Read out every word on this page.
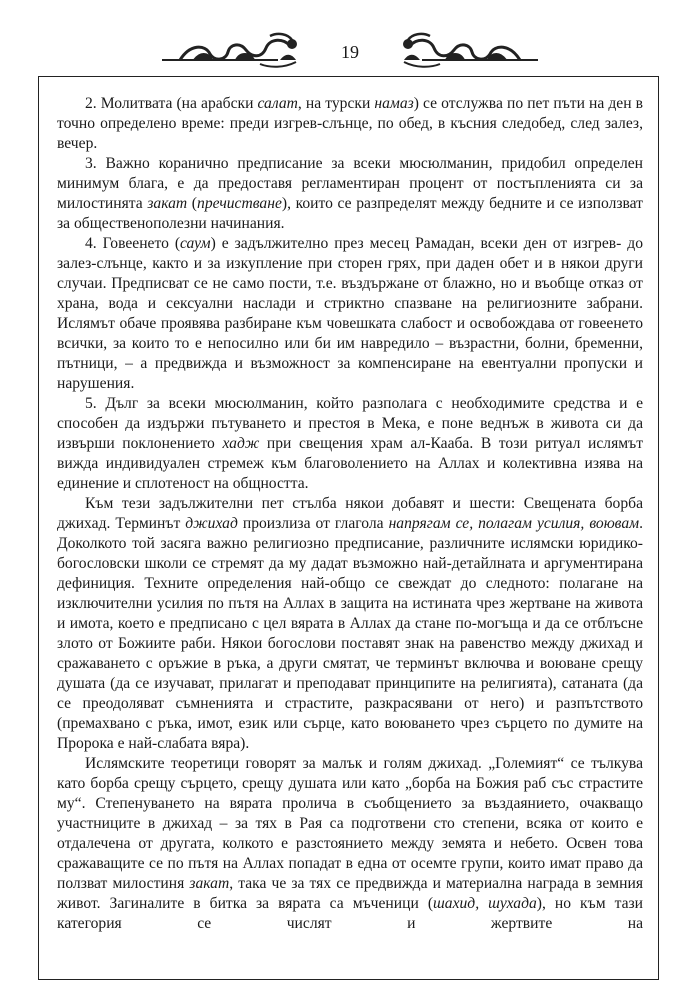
19

2. Молитвата (на арабски салат, на турски намаз) се отслужва по пет пъти на ден в точно определено време: преди изгрев-слънце, по обед, в късния следобед, след залез, вечер.

3. Важно коранично предписание за всеки мюсюлманин, придобил определен минимум блага, е да предоставя регламентиран процент от постъпленията си за милостинята закат (пречистване), които се разпределят между бедните и се използват за общественополезни начинания.

4. Говеенето (саум) е задължително през месец Рамадан, всеки ден от изгрев- до залез-слънце, както и за изкупление при сторен грях, при даден обет и в някои други случаи. Предписват се не само пости, т.е. въздържане от блажно, но и въобще отказ от храна, вода и сексуални наслади и стриктно спазване на религиозните забрани. Ислямът обаче проявява разбиране към човешката слабост и освобождава от говеенето всички, за които то е непосилно или би им навредило – възрастни, болни, бременни, пътници, – а предвижда и възможност за компенсиране на евентуални пропуски и нарушения.

5. Дълг за всеки мюсюлманин, който разполага с необходимите средства и е способен да издържи пътуването и престоя в Мека, е поне веднъж в живота си да извърши поклонението хадж при свещения храм ал-Кааба. В този ритуал ислямът вижда индивидуален стремеж към благоволението на Аллах и колективна изява на единение и сплотеност на общността.

Към тези задължителни пет стълба някои добавят и шести: Свещената борба джихад. Терминът джихад произлиза от глагола напрягам се, полагам усилия, воювам. Доколкото той засяга важно религиозно предписание, различните ислямски юридико-богословски школи се стремят да му дадат възможно най-детайлната и аргументирана дефиниция. Техните определения най-общо се свеждат до следното: полагане на изключителни усилия по пътя на Аллах в защита на истината чрез жертване на живота и имота, което е предписано с цел вярата в Аллах да стане по-могъща и да се отблъсне злото от Божиите раби. Някои богослови поставят знак на равенство между джихад и сражаването с оръжие в ръка, а други смятат, че терминът включва и воюване срещу душата (да се изучават, прилагат и преподават принципите на религията), сатаната (да се преодоляват съмненията и страстите, разкрасявани от него) и разпътството (премахвано с ръка, имот, език или сърце, като воюването чрез сърцето по думите на Пророка е най-слабата вяра).

Ислямските теоретици говорят за малък и голям джихад. „Големият“ се тълкува като борба срещу сърцето, срещу душата или като „борба на Божия раб със страстите му“. Степенуването на вярата пролича в съобщението за въздаянието, очакващо участниците в джихад – за тях в Рая са подготвени сто степени, всяка от които е отдалечена от другата, колкото е разстоянието между земята и небето. Освен това сражаващите се по пътя на Аллах попадат в една от осемте групи, които имат право да ползват милостиня закат, така че за тях се предвижда и материална награда в земния живот. Загиналите в битка за вярата са мъченици (шахид, шухада), но към тази категория се числят и жертвите на
